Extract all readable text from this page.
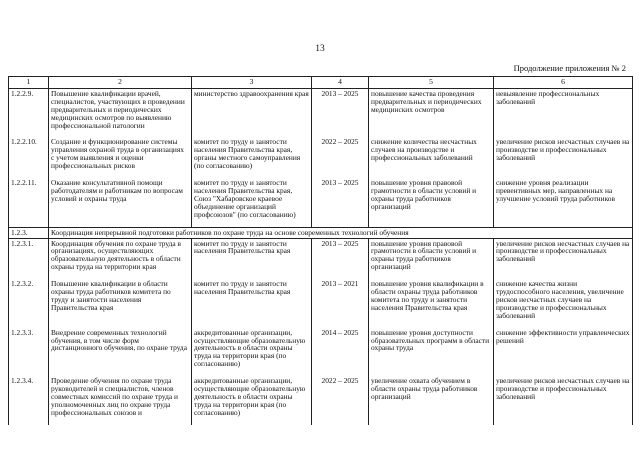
13
Продолжение приложения № 2
1	2	3	4	5	6
1.2.2.9.	Повышение квалификации врачей, специалистов, участвующих в проведении предварительных и периодических медицинских осмотров по выявлению профессиональной патологии	министерство здравоохранения края	2013 – 2025	повышение качества проведения предварительных и периодических медицинских осмотров	невыявление профессиональных заболеваний
1.2.2.10.	Создание и функционирование системы управления охраной труда в организациях с учетом выявления и оценки профессиональных рисков	комитет по труду и занятости населения Правительства края, органы местного самоуправления (по согласованию)	2022 – 2025	снижение количества несчастных случаев на производстве и профессиональных заболеваний	увеличение рисков несчастных случаев на производстве и профессиональных заболеваний
1.2.2.11.	Оказание консультативной помощи работодателям и работникам по вопросам условий и охраны труда	комитет по труду и занятости населения Правительства края, Союз "Хабаровское краевое объединение организаций профсоюзов" (по согласованию)	2013 – 2025	повышение уровня правовой грамотности в области условий и охраны труда работников организаций	снижение уровня реализации превентивных мер, направленных на улучшение условий труда работников
1.2.3.	Координация непрерывной подготовки работников по охране труда на основе современных технологий обучения				
1.2.3.1.	Координация обучения по охране труда в организациях, осуществляющих образовательную деятельность в области охраны труда на территории края	комитет по труду и занятости населения Правительства края	2013 – 2025	повышение уровня правовой грамотности в области условий и охраны труда работников организаций	увеличение рисков несчастных случаев на производстве и профессиональных заболеваний
1.2.3.2.	Повышение квалификации в области охраны труда работников комитета по труду и занятости населения Правительства края	комитет по труду и занятости населения Правительства края	2013 – 2021	повышение уровня квалификации в области охраны труда работников комитета по труду и занятости населения Правительства края	снижение качества жизни трудоспособного населения, увеличение рисков несчастных случаев на производстве и профессиональных заболеваний
1.2.3.3.	Внедрение современных технологий обучения, в том числе форм дистанционного обучения, по охране труда	аккредитованные организации, осуществляющие образовательную деятельность в области охраны труда на территории края (по согласованию)	2014 – 2025	повышение уровня доступности образовательных программ в области охраны труда	снижение эффективности управленческих решений
1.2.3.4.	Проведение обучения по охране труда руководителей и специалистов, членов совместных комиссий по охране труда и уполномоченных лиц по охране труда профессиональных союзов и	аккредитованные организации, осуществляющие образовательную деятельность в области охраны труда на территории края (по согласованию)	2022 – 2025	увеличение охвата обучением в области охраны труда работников организаций	увеличение рисков несчастных случаев на производстве и профессиональных заболеваний
